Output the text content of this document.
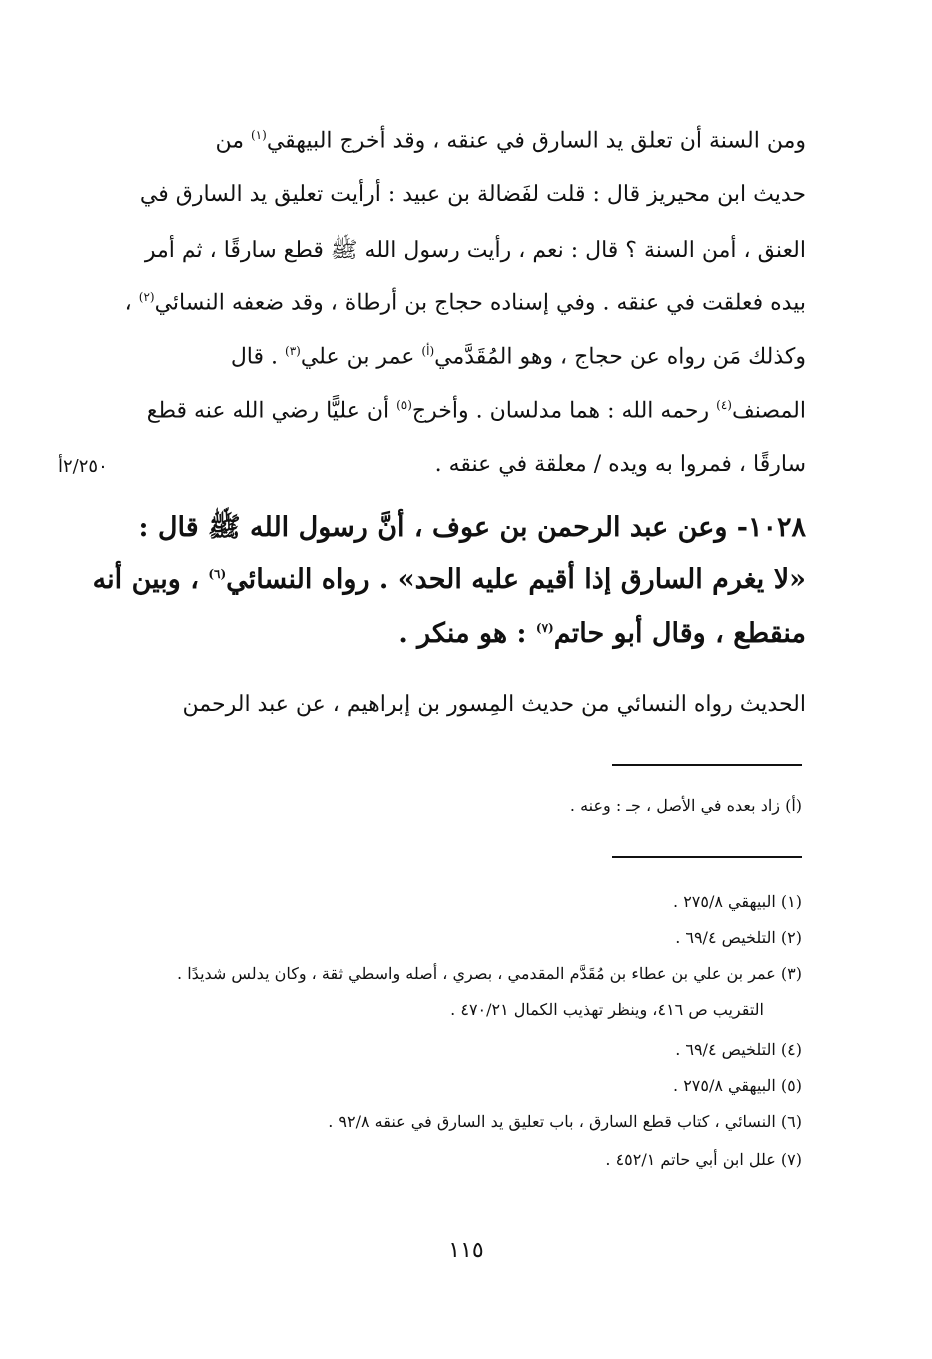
ومن السنة أن تعلق يد السارق في عنقه ، وقد أخرج البيهقي$^{(١)}$ من
حديث ابن محيريز قال : قلت لفَضالة بن عبيد : أرأيت تعليق يد السارق في
العنق ، أمن السنة ؟ قال : نعم ، رأيت رسول الله ﷺ قطع سارقًا ، ثم أمر
بيده فعلقت في عنقه . وفي إسناده حجاج بن أرطاة ، وقد ضعفه النسائي$^{(٢)}$ ،
وكذلك مَن رواه عن حجاج ، وهو المُقَدَّمي$^{(أ)}$ عمر بن علي$^{(٣)}$ . قال
المصنف$^{(٤)}$ رحمه الله : هما مدلسان . وأخرج$^{(٥)}$ أن عليًّا رضي الله عنه قطع
سارقًا ، فمروا به ويده / معلقة في عنقه .
٢/٢٥٠أ
١٠٢٨- وعن عبد الرحمن بن عوف ، أنَّ رسول الله ﷺ قال :
«لا يغرم السارق إذا أقيم عليه الحد» . رواه النسائي$^{(٦)}$ ، وبين أنه
منقطع ، وقال أبو حاتم$^{(٧)}$ : هو منكر .
الحديث رواه النسائي من حديث المِسور بن إبراهيم ، عن عبد الرحمن
(أ) زاد بعده في الأصل ، جـ : وعنه .
(١) البيهقي ٢٧٥/٨ .
(٢) التلخيص ٦٩/٤ .
(٣) عمر بن علي بن عطاء بن مُقَدَّم المقدمي ، بصري ، أصله واسطي ثقة ، وكان يدلس شديدًا .
التقريب ص ٤١٦، وينظر تهذيب الكمال ٤٧٠/٢١ .
(٤) التلخيص ٦٩/٤ .
(٥) البيهقي ٢٧٥/٨ .
(٦) النسائي ، كتاب قطع السارق ، باب تعليق يد السارق في عنقه ٩٢/٨ .
(٧) علل ابن أبي حاتم ٤٥٢/١ .
١١٥
